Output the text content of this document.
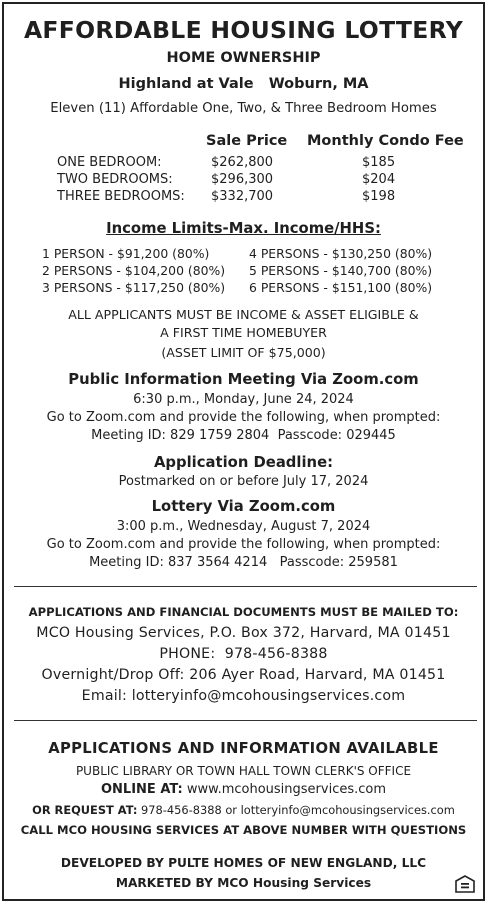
AFFORDABLE HOUSING LOTTERY
HOME OWNERSHIP
Highland at Vale   Woburn, MA
Eleven (11) Affordable One, Two, & Three Bedroom Homes
Sale Price Monthly Condo Fee
ONE BEDROOM:	$262,800	$185
TWO BEDROOMS:	$296,300	$204
THREE BEDROOMS: $332,700	$198
Income Limits-Max. Income/HHS:
1 PERSON - $91,200 (80%)
2 PERSONS - $104,200 (80%)
3 PERSONS - $117,250 (80%)
4 PERSONS - $130,250 (80%)
5 PERSONS - $140,700 (80%)
6 PERSONS - $151,100 (80%)
ALL APPLICANTS MUST BE INCOME & ASSET ELIGIBLE &
A FIRST TIME HOMEBUYER
(ASSET LIMIT OF $75,000)
Public Information Meeting Via Zoom.com
6:30 p.m., Monday, June 24, 2024
Go to Zoom.com and provide the following, when prompted:
Meeting ID: 829 1759 2804  Passcode: 029445
Application Deadline:
Postmarked on or before July 17, 2024
Lottery Via Zoom.com
3:00 p.m., Wednesday, August 7, 2024
Go to Zoom.com and provide the following, when prompted:
Meeting ID: 837 3564 4214   Passcode: 259581
APPLICATIONS AND FINANCIAL DOCUMENTS MUST BE MAILED TO:
MCO Housing Services, P.O. Box 372, Harvard, MA 01451
PHONE:  978-456-8388
Overnight/Drop Off: 206 Ayer Road, Harvard, MA 01451
Email: lotteryinfo@mcohousingservices.com
APPLICATIONS AND INFORMATION AVAILABLE
PUBLIC LIBRARY OR TOWN HALL TOWN CLERK'S OFFICE
ONLINE AT: www.mcohousingservices.com
OR REQUEST AT: 978-456-8388 or lotteryinfo@mcohousingservices.com
CALL MCO HOUSING SERVICES AT ABOVE NUMBER WITH QUESTIONS
DEVELOPED BY PULTE HOMES OF NEW ENGLAND, LLC
MARKETED BY MCO Housing Services
